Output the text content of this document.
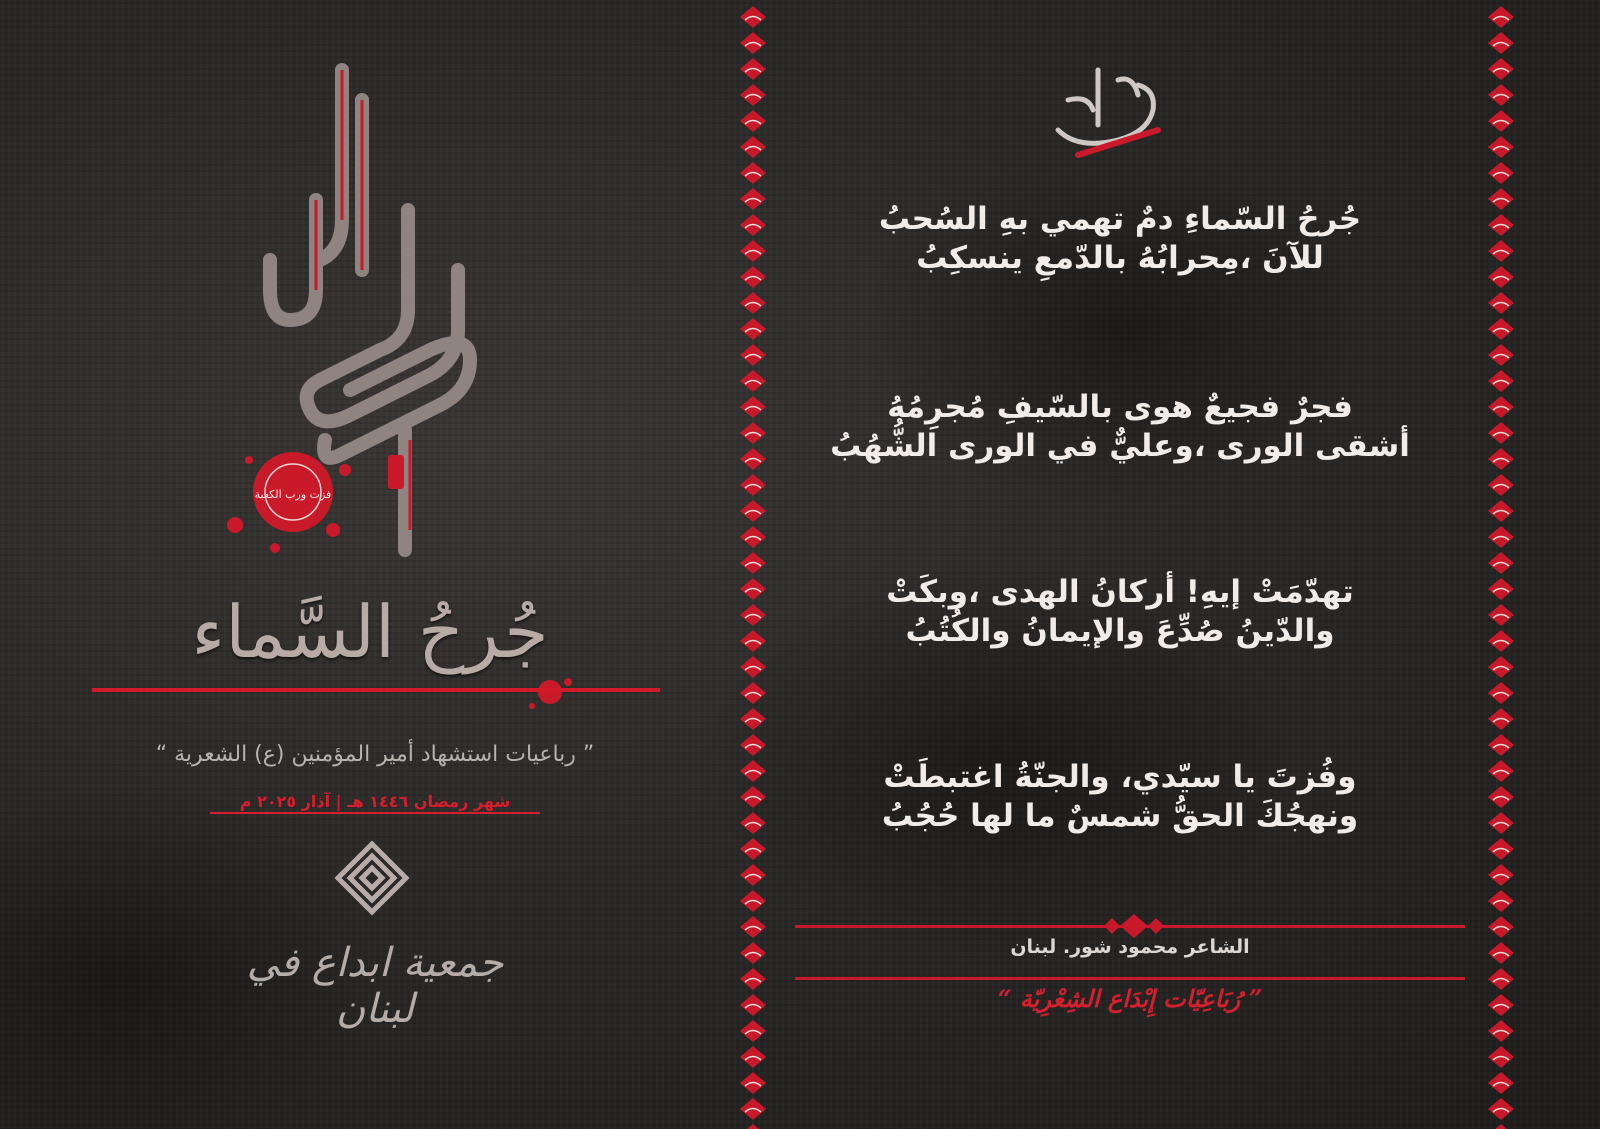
فزت ورب الكعبة
جُرحُ السَّماء
” رباعيات استشهاد أمير المؤمنين (ع) الشعرية “
شهر رمضان ١٤٤٦ هـ | آذار ٢٠٢٥ م
جمعية ابداع في لبنان
جُرحُ السّماءِ دمٌ تهمي بهِ السُحبُ
للآنَ ،مِحرابُهُ بالدّمعِ ينسكِبُ
فجرٌ فجيعٌ هوى بالسّيفِ مُجرِمُهُ
أشقى الورى ،وعليٌّ في الورى الشُّهُبُ
تهدّمَتْ إيهِ! أركانُ الهدى ،وبكَتْ
والدّينُ صُدِّعَ والإيمانُ والكُتُبُ
وفُزتَ يا سيّدي، والجنّةُ اغتبطَتْ
ونهجُكَ الحقُّ شمسٌ ما لها حُجُبُ
الشاعر محمود شور. لبنان
” رُبَاعِيّات إِبْدَاع الشِعْرِيّة “
